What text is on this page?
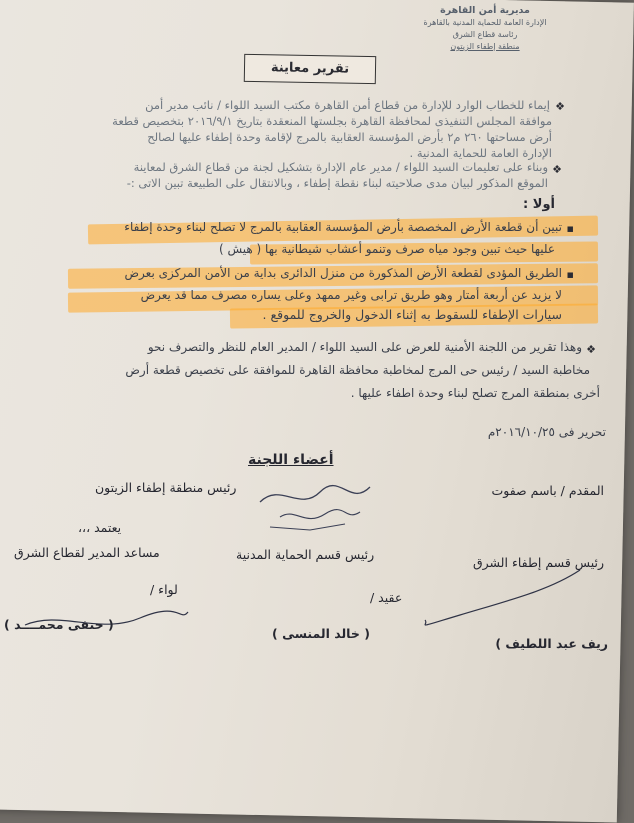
مديرية أمن القاهرة
الإدارة العامة للحماية المدنية بالقاهرة
رئاسة قطاع الشرق
منطقة إطفاء الزيتون
تقرير معاينة
❖
إيماء للخطاب الوارد للإدارة من قطاع أمن القاهرة مكتب السيد اللواء / نائب مدير أمن
موافقة المجلس التنفيذى لمحافظة القاهرة بجلستها المنعقدة بتاريخ ٢٠١٦/٩/١ بتخصيص قطعة
أرض مساحتها ٢٦٠ م٢ بأرض المؤسسة العقابية بالمرج لإقامة وحدة إطفاء عليها لصالح
الإدارة العامة للحماية المدنية .
❖
وبناء على تعليمات السيد اللواء / مدير عام الإدارة بتشكيل لجنة من قطاع الشرق لمعاينة
الموقع المذكور لبيان مدى صلاحيته لبناء نقطة إطفاء ، وبالانتقال على الطبيعة تبين الاتى :-
أولا :
▪
تبين أن قطعة الأرض المخصصة بأرض المؤسسة العقابية بالمرج لا تصلح لبناء وحدة إطفاء
عليها حيث تبين وجود مياه صرف وتنمو أعشاب شيطانية بها ( هيش )
▪
الطريق المؤدى لقطعة الأرض المذكورة من منزل الدائرى بداية من الأمن المركزى بعرض
لا يزيد عن أربعة أمتار وهو طريق ترابى وغير ممهد وعلى يساره مصرف مما قد يعرض
سيارات الإطفاء للسقوط به إثناء الدخول والخروج للموقع .
❖
وهذا تقرير من اللجنة الأمنية للعرض على السيد اللواء / المدير العام للنظر والتصرف نحو
مخاطبة السيد / رئيس حى المرج لمخاطبة محافظة القاهرة للموافقة على تخصيص قطعة أرض
أخرى بمنطقة المرج تصلح لبناء وحدة اطفاء عليها .
تحرير فى ٢٠١٦/١٠/٢٥م
أعضاء اللجنة
رئيس منطقة إطفاء الزيتون	المقدم / باسم صفوت
يعتمد ،،،
مساعد المدير لقطاع الشرق	رئيس قسم الحماية المدنية
رئيس قسم إطفاء الشرق
لواء /
عقيد /
( حنفى محمــــد )
( خالد المنسى )
ريف عبد اللطيف )
